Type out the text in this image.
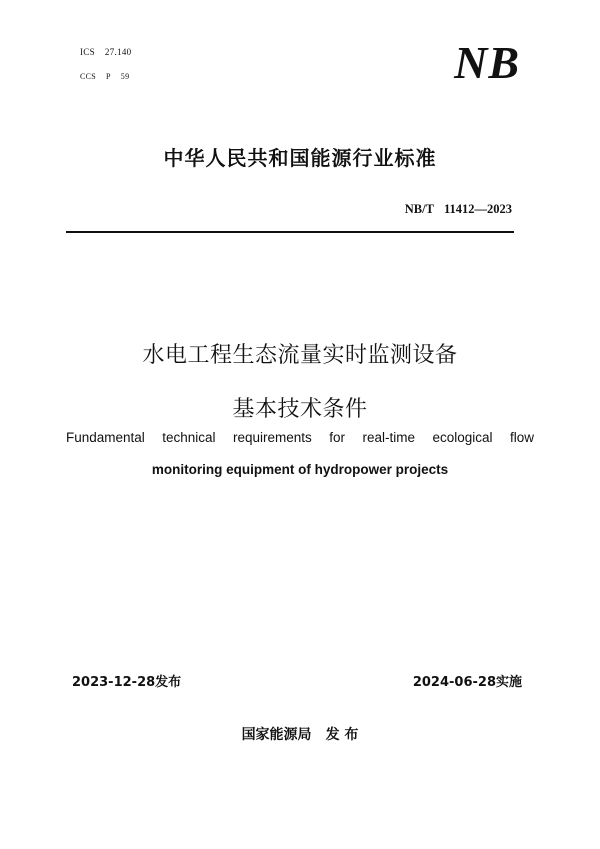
ICS 27.140
CCS P 59	NB
中华人民共和国能源行业标准
NB/T 11412—2023
水电工程生态流量实时监测设备
基本技术条件
Fundamental technical requirements for real-time ecological flow
monitoring equipment of hydropower projects
2023-12-28发布	2024-06-28实施
国家能源局 发 布
